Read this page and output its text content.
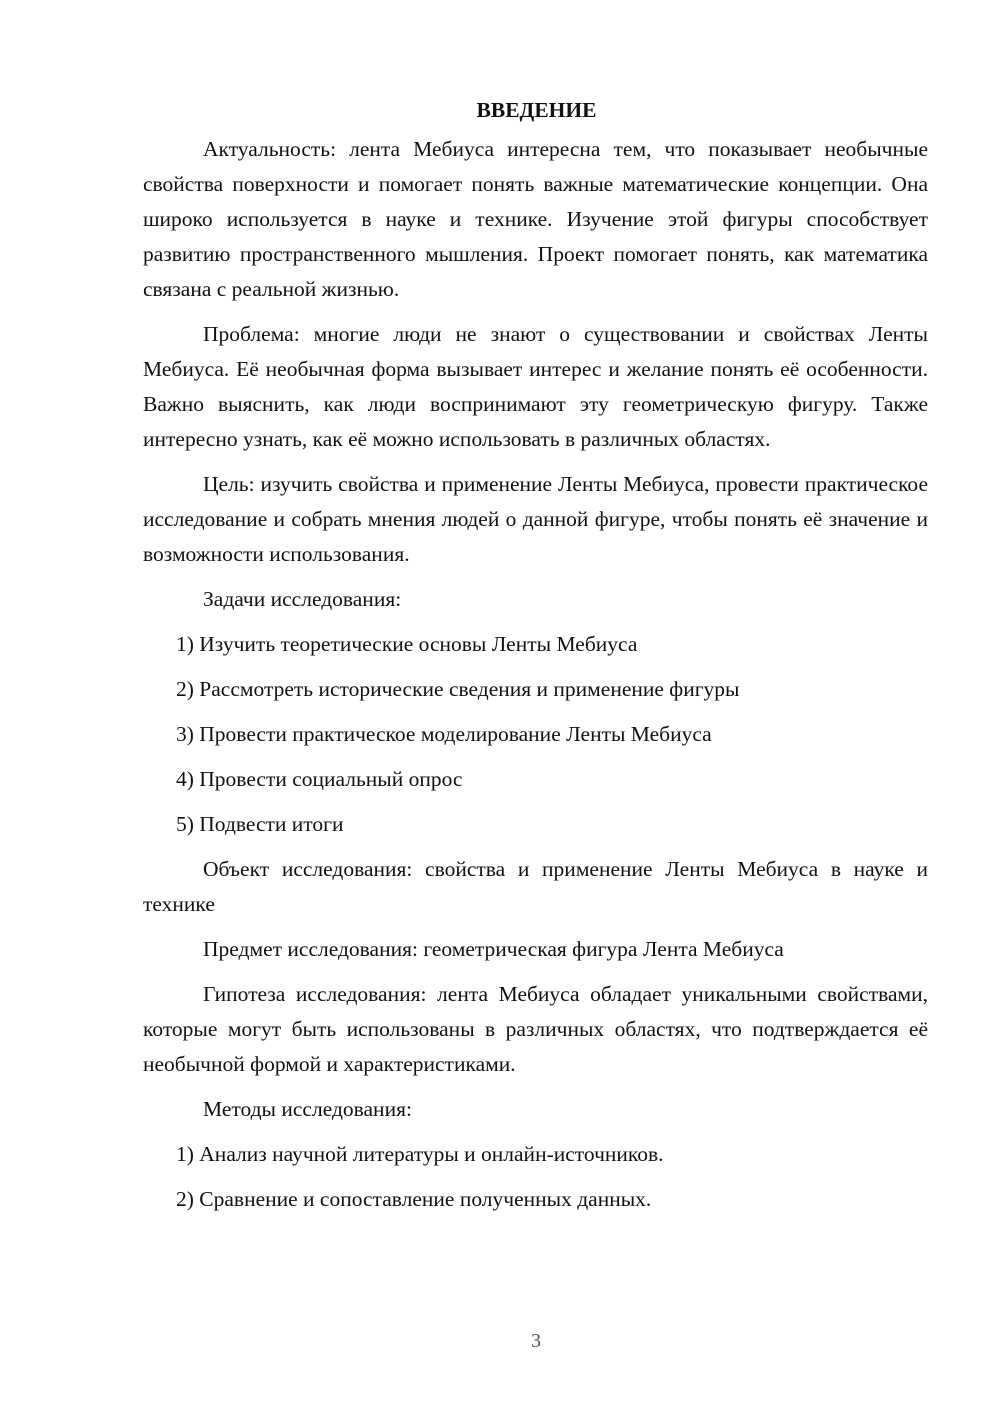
ВВЕДЕНИЕ

Актуальность: лента Мебиуса интересна тем, что показывает необычные свойства поверхности и помогает понять важные математические концепции. Она широко используется в науке и технике. Изучение этой фигуры способствует развитию пространственного мышления. Проект помогает понять, как математика связана с реальной жизнью.

Проблема: многие люди не знают о существовании и свойствах Ленты Мебиуса. Её необычная форма вызывает интерес и желание понять её особенности. Важно выяснить, как люди воспринимают эту геометрическую фигуру. Также интересно узнать, как её можно использовать в различных областях.

Цель: изучить свойства и применение Ленты Мебиуса, провести практическое исследование и собрать мнения людей о данной фигуре, чтобы понять её значение и возможности использования.

Задачи исследования:

1) Изучить теоретические основы Ленты Мебиуса
2) Рассмотреть исторические сведения и применение фигуры
3) Провести практическое моделирование Ленты Мебиуса
4) Провести социальный опрос
5) Подвести итоги

Объект исследования: свойства и применение Ленты Мебиуса в науке и технике

Предмет исследования: геометрическая фигура Лента Мебиуса

Гипотеза исследования: лента Мебиуса обладает уникальными свойствами, которые могут быть использованы в различных областях, что подтверждается её необычной формой и характеристиками.

Методы исследования:

1) Анализ научной литературы и онлайн-источников.
2) Сравнение и сопоставление полученных данных.
3
